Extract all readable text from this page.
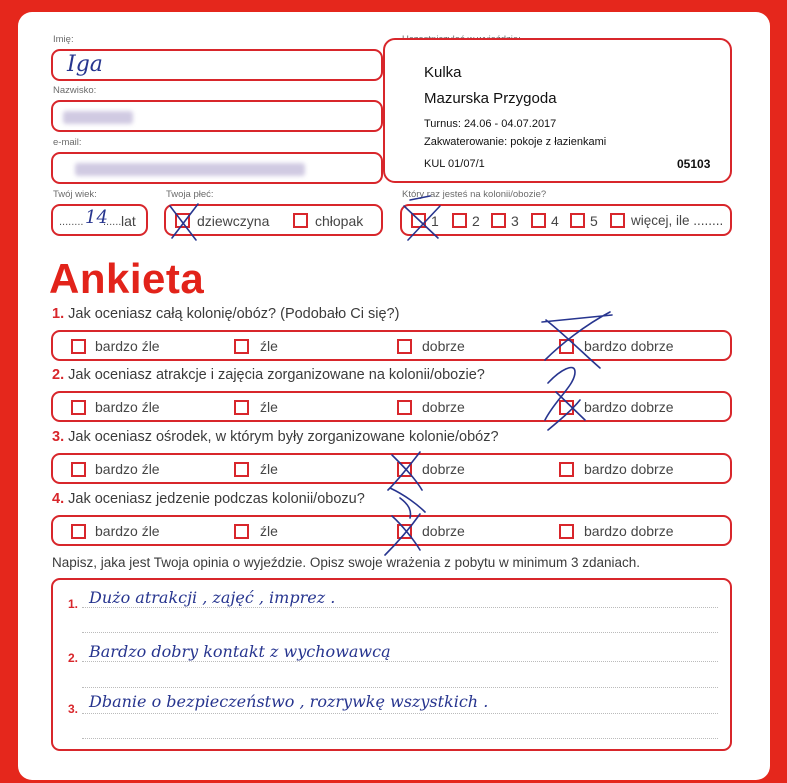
Imię:
Iga
Nazwisko:
e-mail:
Twój wiek:
........ 14
...... lat
Twoja płeć:
dziewczyna	chłopak
Kulka
Mazurska Przygoda
Turnus: 24.06 - 04.07.2017
Zakwaterowanie: pokoje z łazienkami
KUL 01/07/1	05103
Który raz jesteś na kolonii/obozie?
1 2 3 4 5 więcej, ile ........
Ankieta
1. Jak oceniasz całą kolonię/obóz? (Podobało Ci się?)
bardzo źle	źle	dobrze	bardzo dobrze
2. Jak oceniasz atrakcje i zajęcia zorganizowane na kolonii/obozie?
bardzo źle	źle	dobrze	bardzo dobrze
3. Jak oceniasz ośrodek, w którym były zorganizowane kolonie/obóz?
bardzo źle	źle	dobrze	bardzo dobrze
4. Jak oceniasz jedzenie podczas kolonii/obozu?
bardzo źle	źle	dobrze	bardzo dobrze
Napisz, jaka jest Twoja opinia o wyjeździe. Opisz swoje wrażenia z pobytu w minimum 3 zdaniach.
1. Dużo atrakcji , zajęć , imprez .
2. Bardzo dobry kontakt z wychowawcą
3. Dbanie o bezpieczeństwo , rozrywkę wszystkich .
